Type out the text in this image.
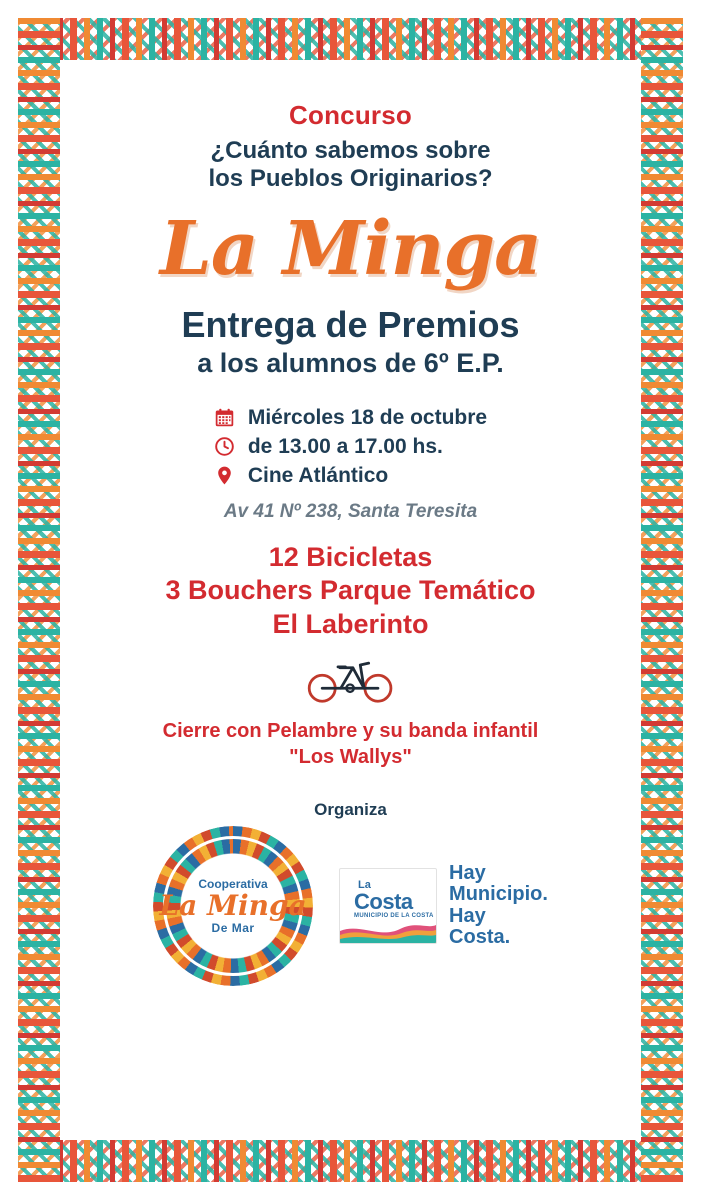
Concurso
¿Cuánto sabemos sobre
los Pueblos Originarios?
La Minga
Entrega de Premios
a los alumnos de 6º E.P.
Miércoles 18 de octubre
de 13.00 a 17.00 hs.
Cine Atlántico
Av 41 Nº 238, Santa Teresita
12 Bicicletas
3 Bouchers Parque Temático
El Laberinto
Cierre con Pelambre y su banda infantil
"Los Wallys"
Organiza
Cooperativa
La Minga
De Mar
La
Costa
MUNICIPIO DE LA COSTA
Hay
Municipio.
Hay
Costa.
